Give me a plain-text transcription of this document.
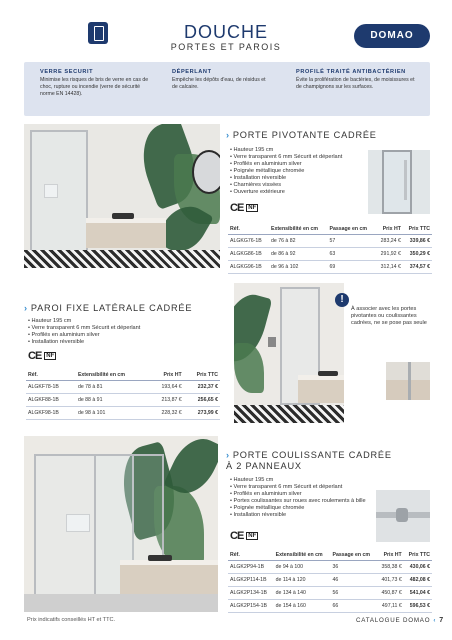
DOUCHE
PORTES ET PAROIS
DOMAO
VERRE SECURIT
Minimise les risques de bris de verre en cas de choc, rupture ou incendie (verre de sécurité norme EN 14428).
DÉPERLANT
Empêche les dépôts d'eau, de résidus et de calcaire.
PROFILÉ TRAITÉ ANTIBACTÉRIEN
Évite la prolifération de bactéries, de moisissures et de champignons sur les surfaces.
› PORTE PIVOTANTE CADRÉE
• Hauteur 195 cm
• Verre transparent 6 mm Sécurit et déperlant
• Profilés en aluminium silver
• Poignée métallique chromée
• Installation réversible
• Charnières vissées
• Ouverture extérieure
CE NF
Réf.	Extensibilité en cm	Passage en cm	Prix HT	Prix TTC
ALGKG76-1B	de 76 à 82	57	283,24 €	339,86 €
ALGKG86-1B	de 86 à 92	63	291,92 €	350,29 €
ALGKG96-1B	de 96 à 102	69	312,14 €	374,57 €
› PAROI FIXE LATÉRALE CADRÉE
• Hauteur 195 cm
• Verre transparent 6 mm Sécurit et déperlant
• Profilés en aluminium silver
• Installation réversible
CE NF
Réf.	Extensibilité en cm	Prix HT	Prix TTC
ALGKF78-1B	de 78 à 81	193,64 €	232,37 €
ALGKF88-1B	de 88 à 91	213,87 €	256,65 €
ALGKF98-1B	de 98 à 101	228,32 €	273,99 €
!
À associer avec les portes pivotantes ou coulissantes cadrées, ne se pose pas seule
› PORTE COULISSANTE CADRÉE
À 2 PANNEAUX
• Hauteur 195 cm
• Verre transparent 6 mm Sécurit et déperlant
• Profilés en aluminium silver
• Portes coulissantes sur roues avec roulements à bille
• Poignée métallique chromée
• Installation réversible
CE NF
Réf.	Extensibilité en cm	Passage en cm	Prix HT	Prix TTC
ALGK2P94-1B	de 94 à 100	36	358,38 €	430,06 €
ALGK2P114-1B	de 114 à 120	46	401,73 €	482,08 €
ALGK2P134-1B	de 134 à 140	56	450,87 €	541,04 €
ALGK2P154-1B	de 154 à 160	66	497,11 €	596,53 €
Prix indicatifs conseillés HT et TTC.	CATALOGUE DOMAO ‹ 7
